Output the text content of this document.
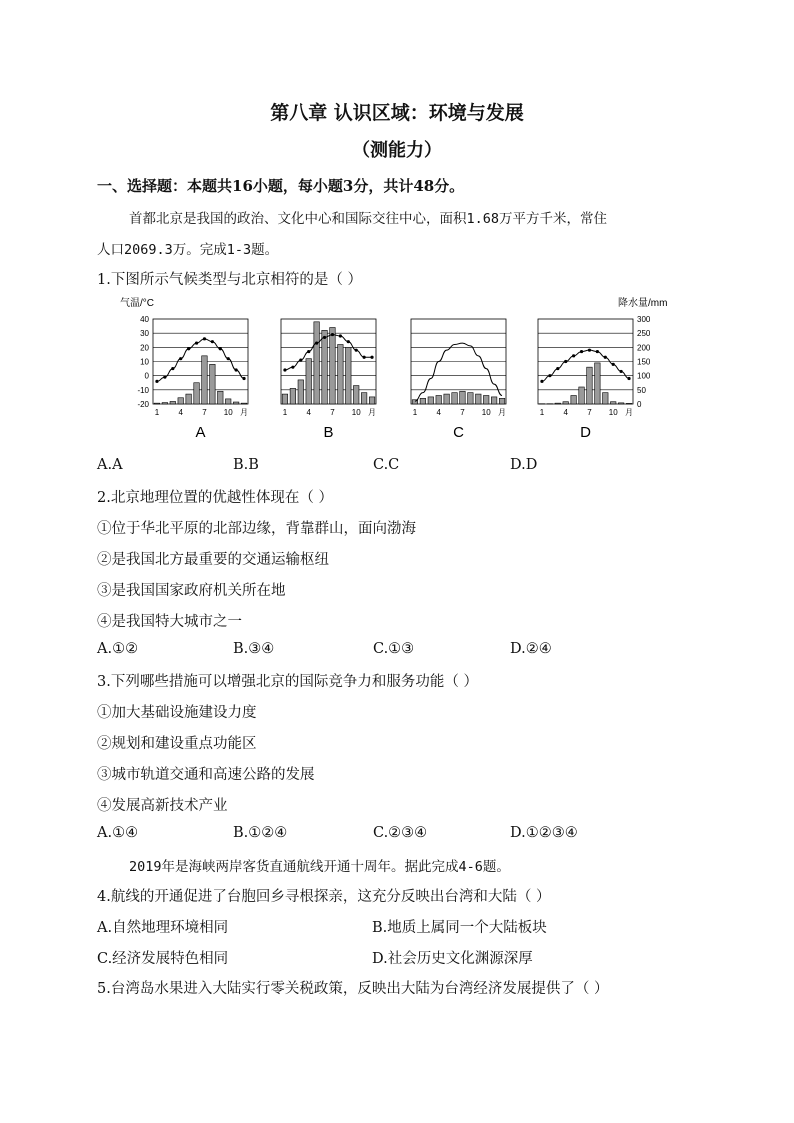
第八章 认识区域：环境与发展
（测能力）
一、选择题：本题共16小题，每小题3分，共计48分。
首都北京是我国的政治、文化中心和国际交往中心，面积1.68万平方千米，常住
人口2069.3万。完成1-3题。
1.下图所示气候类型与北京相符的是（ ）
气温/°C	降水量/mm
40
30
20
10
0
-10
-20
1 4 7 10 月
A
1 4 7 10 月
B
1 4 7 10 月
C
300
250
200
150
100
50
0
1 4 7 10 月
D
A.A	B.B	C.C	D.D
2.北京地理位置的优越性体现在（ ）
①位于华北平原的北部边缘，背靠群山，面向渤海
②是我国北方最重要的交通运输枢纽
③是我国国家政府机关所在地
④是我国特大城市之一
A.①②	B.③④	C.①③	D.②④
3.下列哪些措施可以增强北京的国际竞争力和服务功能（ ）
①加大基础设施建设力度
②规划和建设重点功能区
③城市轨道交通和高速公路的发展
④发展高新技术产业
A.①④	B.①②④	C.②③④	D.①②③④
2019年是海峡两岸客货直通航线开通十周年。据此完成4-6题。
4.航线的开通促进了台胞回乡寻根探亲，这充分反映出台湾和大陆（ ）
A.自然地理环境相同	B.地质上属同一个大陆板块
C.经济发展特色相同	D.社会历史文化渊源深厚
5.台湾岛水果进入大陆实行零关税政策，反映出大陆为台湾经济发展提供了（ ）
